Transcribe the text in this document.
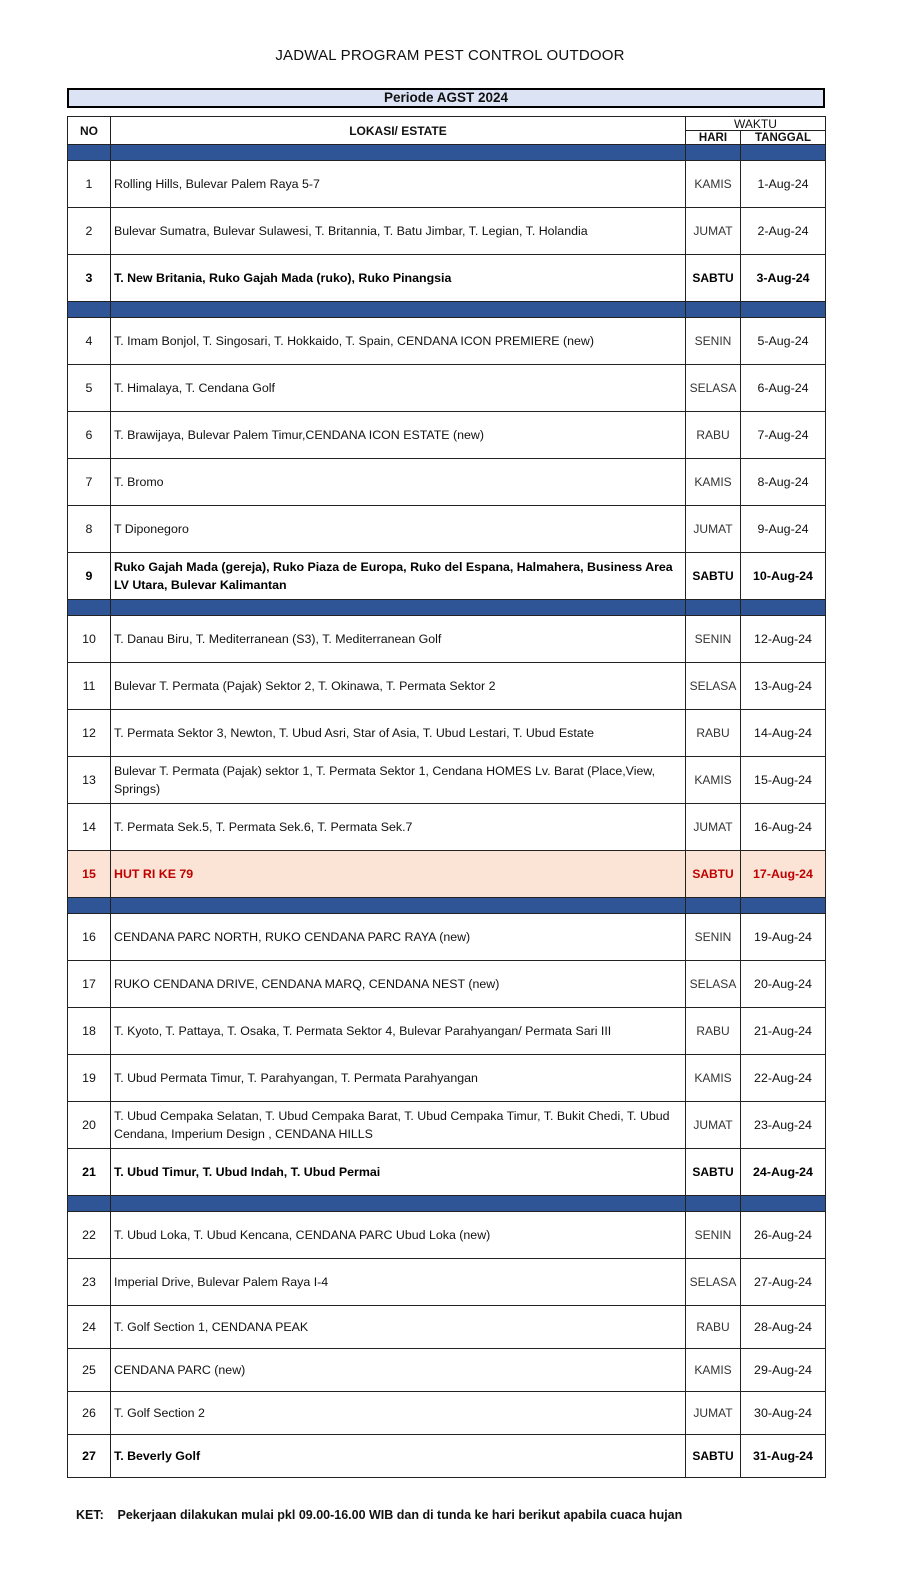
JADWAL PROGRAM PEST CONTROL OUTDOOR
Periode AGST 2024
NO	LOKASI/ ESTATE	WAKTU	
		HARI	TANGGAL

1	Rolling Hills, Bulevar Palem Raya 5-7	KAMIS	1-Aug-24
2	Bulevar Sumatra, Bulevar Sulawesi, T. Britannia, T. Batu Jimbar, T. Legian, T. Holandia	JUMAT	2-Aug-24
3	T. New Britania, Ruko Gajah Mada (ruko), Ruko Pinangsia	SABTU	3-Aug-24

4	T. Imam Bonjol, T. Singosari, T. Hokkaido, T. Spain, CENDANA ICON PREMIERE (new)	SENIN	5-Aug-24
5	T. Himalaya, T. Cendana Golf	SELASA	6-Aug-24
6	T. Brawijaya, Bulevar Palem Timur,CENDANA ICON ESTATE (new)	RABU	7-Aug-24
7	T. Bromo	KAMIS	8-Aug-24
8	T Diponegoro	JUMAT	9-Aug-24
9	Ruko Gajah Mada (gereja), Ruko Piaza de Europa, Ruko del Espana, Halmahera, Business Area LV Utara, Bulevar Kalimantan	SABTU	10-Aug-24

10	T. Danau Biru, T. Mediterranean (S3), T. Mediterranean Golf	SENIN	12-Aug-24
11	Bulevar T. Permata (Pajak) Sektor 2, T. Okinawa, T. Permata Sektor 2	SELASA	13-Aug-24
12	T. Permata Sektor 3, Newton, T. Ubud Asri, Star of Asia, T. Ubud Lestari, T. Ubud Estate	RABU	14-Aug-24
13	Bulevar T. Permata (Pajak) sektor 1, T. Permata Sektor 1, Cendana HOMES Lv. Barat (Place,View, Springs)	KAMIS	15-Aug-24
14	T. Permata Sek.5, T. Permata Sek.6, T. Permata Sek.7	JUMAT	16-Aug-24
15	HUT RI KE 79	SABTU	17-Aug-24

16	CENDANA PARC NORTH, RUKO CENDANA PARC RAYA (new)	SENIN	19-Aug-24
17	RUKO CENDANA DRIVE, CENDANA MARQ, CENDANA NEST (new)	SELASA	20-Aug-24
18	T. Kyoto, T. Pattaya, T. Osaka, T. Permata Sektor 4, Bulevar Parahyangan/ Permata Sari III	RABU	21-Aug-24
19	T. Ubud Permata Timur, T. Parahyangan, T. Permata Parahyangan	KAMIS	22-Aug-24
20	T. Ubud Cempaka Selatan, T. Ubud Cempaka Barat, T. Ubud Cempaka Timur, T. Bukit Chedi, T. Ubud Cendana, Imperium Design , CENDANA HILLS	JUMAT	23-Aug-24
21	T. Ubud Timur, T. Ubud Indah, T. Ubud Permai	SABTU	24-Aug-24

22	T. Ubud Loka, T. Ubud Kencana, CENDANA PARC Ubud Loka (new)	SENIN	26-Aug-24
23	Imperial Drive, Bulevar Palem Raya I-4	SELASA	27-Aug-24
24	T. Golf Section 1, CENDANA PEAK	RABU	28-Aug-24
25	CENDANA PARC (new)	KAMIS	29-Aug-24
26	T. Golf Section 2	JUMAT	30-Aug-24
27	T. Beverly Golf	SABTU	31-Aug-24
KET: Pekerjaan dilakukan mulai pkl 09.00-16.00 WIB dan di tunda ke hari berikut apabila cuaca hujan
